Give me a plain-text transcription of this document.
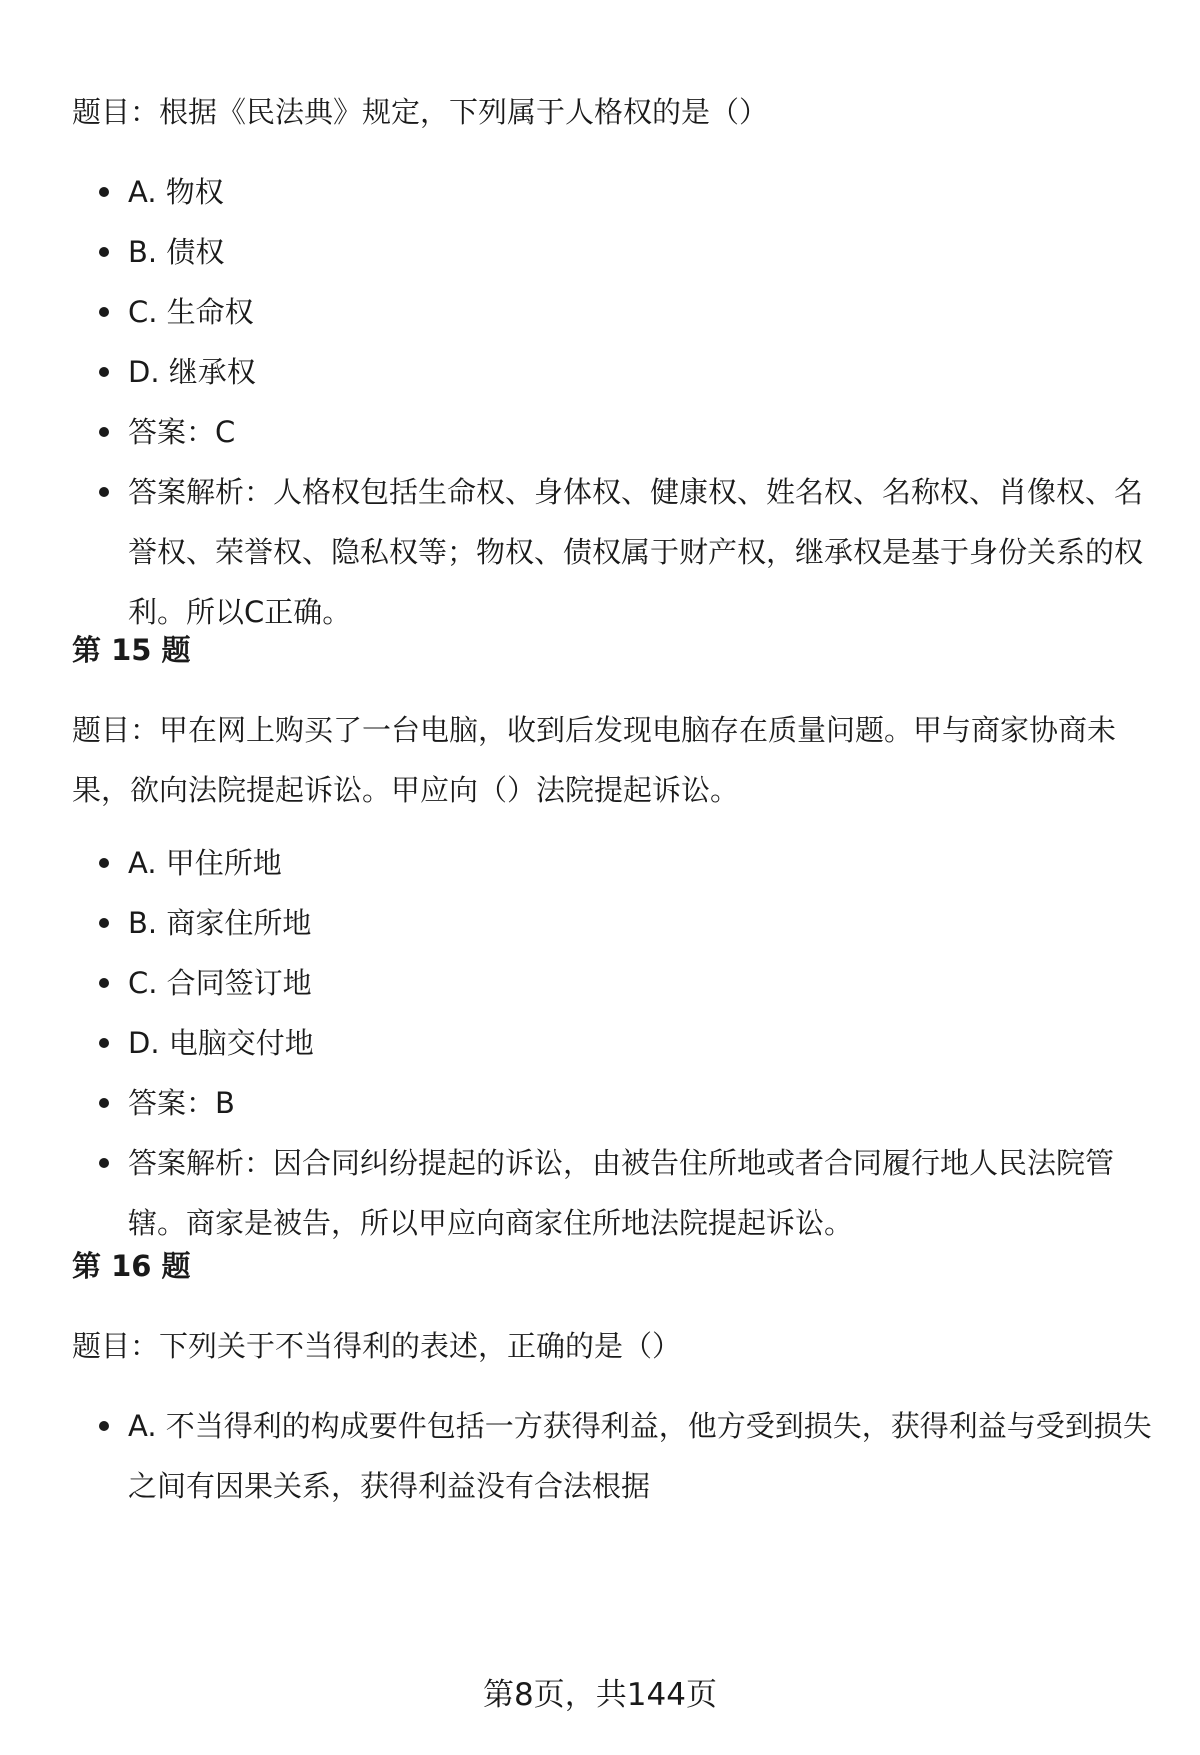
题目：根据《民法典》规定，下列属于人格权的是（）

A. 物权
B. 债权
C. 生命权
D. 继承权
答案：C
答案解析：人格权包括生命权、身体权、健康权、姓名权、名称权、肖像权、名誉权、荣誉权、隐私权等；物权、债权属于财产权，继承权是基于身份关系的权利。所以C正确。

第 15 题

题目：甲在网上购买了一台电脑，收到后发现电脑存在质量问题。甲与商家协商未果，欲向法院提起诉讼。甲应向（）法院提起诉讼。

A. 甲住所地
B. 商家住所地
C. 合同签订地
D. 电脑交付地
答案：B
答案解析：因合同纠纷提起的诉讼，由被告住所地或者合同履行地人民法院管辖。商家是被告，所以甲应向商家住所地法院提起诉讼。

第 16 题

题目：下列关于不当得利的表述，正确的是（）

A. 不当得利的构成要件包括一方获得利益，他方受到损失，获得利益与受到损失之间有因果关系，获得利益没有合法根据
第8页，共144页
